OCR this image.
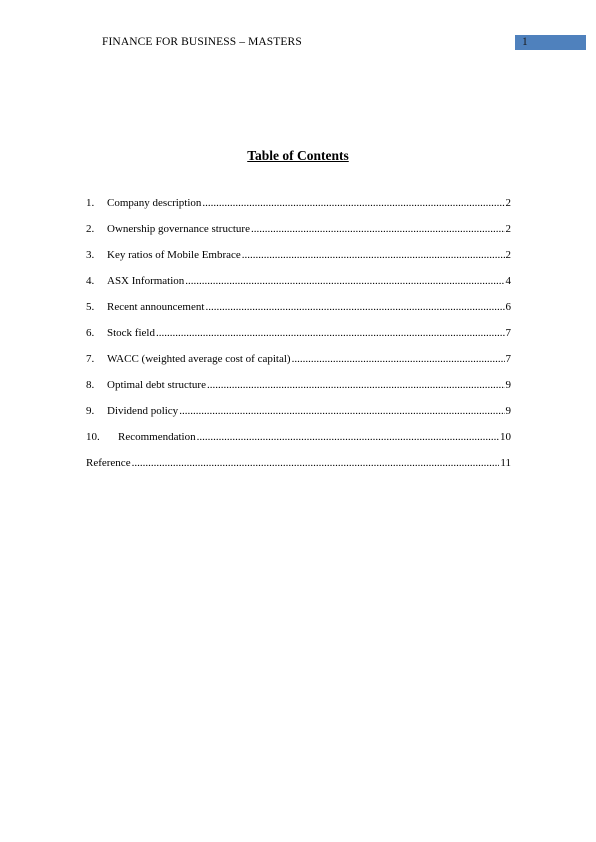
FINANCE FOR BUSINESS – MASTERS	1
Table of Contents
1.	Company description .....	2
2.	Ownership governance structure .....	2
3.	Key ratios of Mobile Embrace .....	2
4.	ASX Information .....	4
5.	Recent announcement .....	6
6.	Stock field .....	7
7.	WACC (weighted average cost of capital) .....	7
8.	Optimal debt structure .....	9
9.	Dividend policy .....	9
10.	Recommendation .....	10
Reference .....	11
